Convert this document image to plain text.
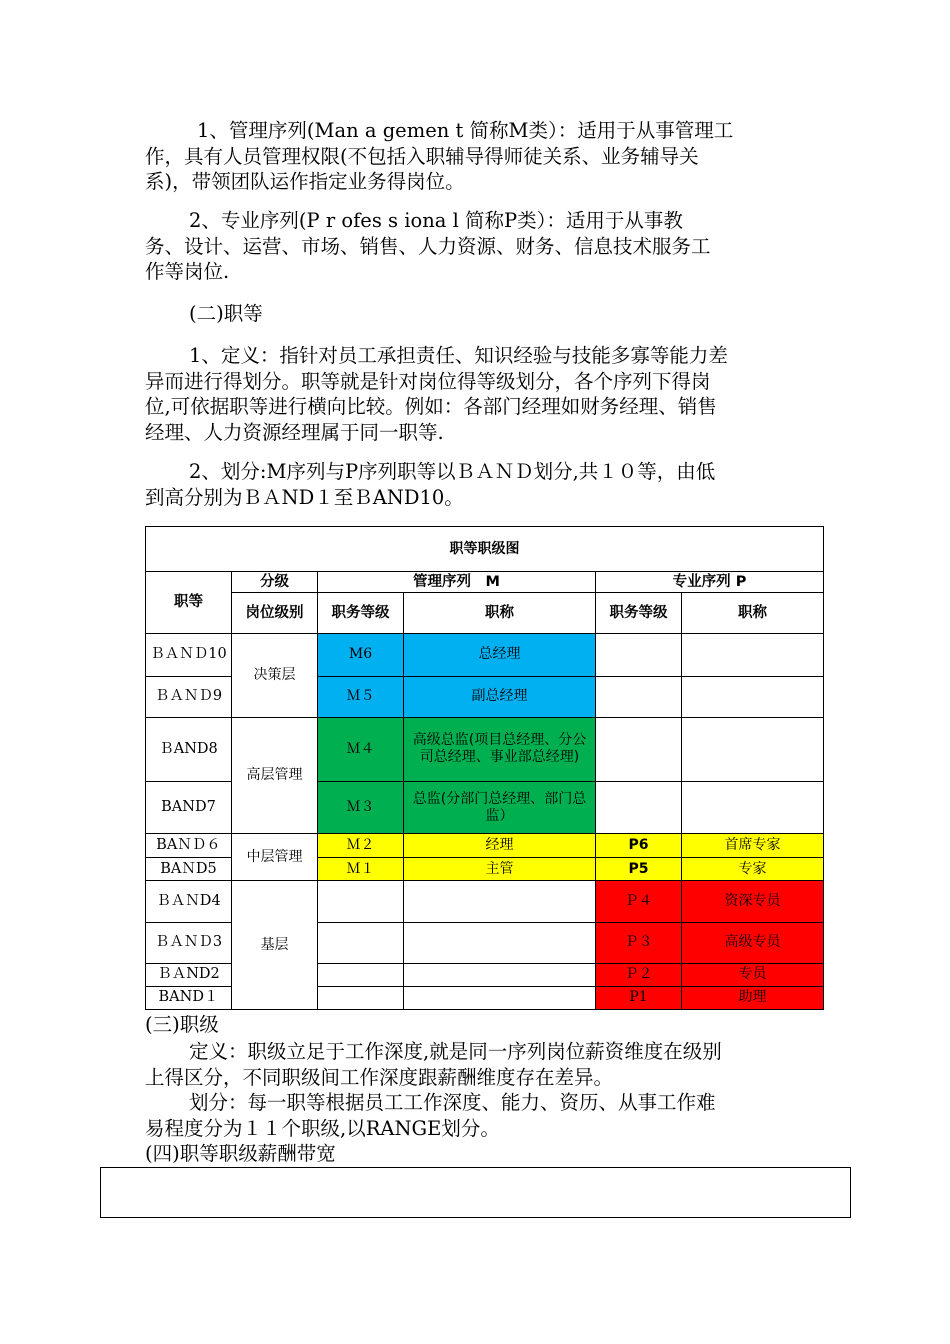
1、管理序列(Man a gemen t 简称M类）：适用于从事管理工
作，具有人员管理权限(不包括入职辅导得师徒关系、业务辅导关
系)，带领团队运作指定业务得岗位。
2、专业序列(P r ofes s iona l 简称P类）：适用于从事教
务、设计、运营、市场、销售、人力资源、财务、信息技术服务工
作等岗位.
(二)职等
1、定义：指针对员工承担责任、知识经验与技能多寡等能力差
异而进行得划分。职等就是针对岗位得等级划分，各个序列下得岗
位,可依据职等进行横向比较。例如：各部门经理如财务经理、销售
经理、人力资源经理属于同一职等.
2、划分:M序列与P序列职等以ＢＡＮＤ划分,共１０等，由低
到高分别为ＢＡND１至ＢAND10。
职等职级图					
职等	分级	管理序列　M		专业序列 P	
	岗位级别	职务等级	职称	职务等级	职称
ＢＡＮＤ10	决策层	M6	总经理		
ＢＡＮＤ9		Ｍ５	副总经理		
ＢAND8	高层管理	Ｍ４	高级总监(项目总经理、分公司总经理、事业部总经理)		
BAND7		Ｍ３	总监(分部门总经理、部门总监）		
BAＮＤ６	中层管理	Ｍ２	经理	P6	首席专家
BAＮD5		Ｍ１	主管	P5	专家
ＢＡＮD4	基层			Ｐ４	资深专员
ＢＡＮＤ3				Ｐ３	高级专员
ＢＡND2				Ｐ２	专员
BAND１				P1	助理
(三)职级
定义：职级立足于工作深度,就是同一序列岗位薪资维度在级别
上得区分，不同职级间工作深度跟薪酬维度存在差异。
划分：每一职等根据员工工作深度、能力、资历、从事工作难
易程度分为１１个职级,以RANGE划分。
(四)职等职级薪酬带宽
